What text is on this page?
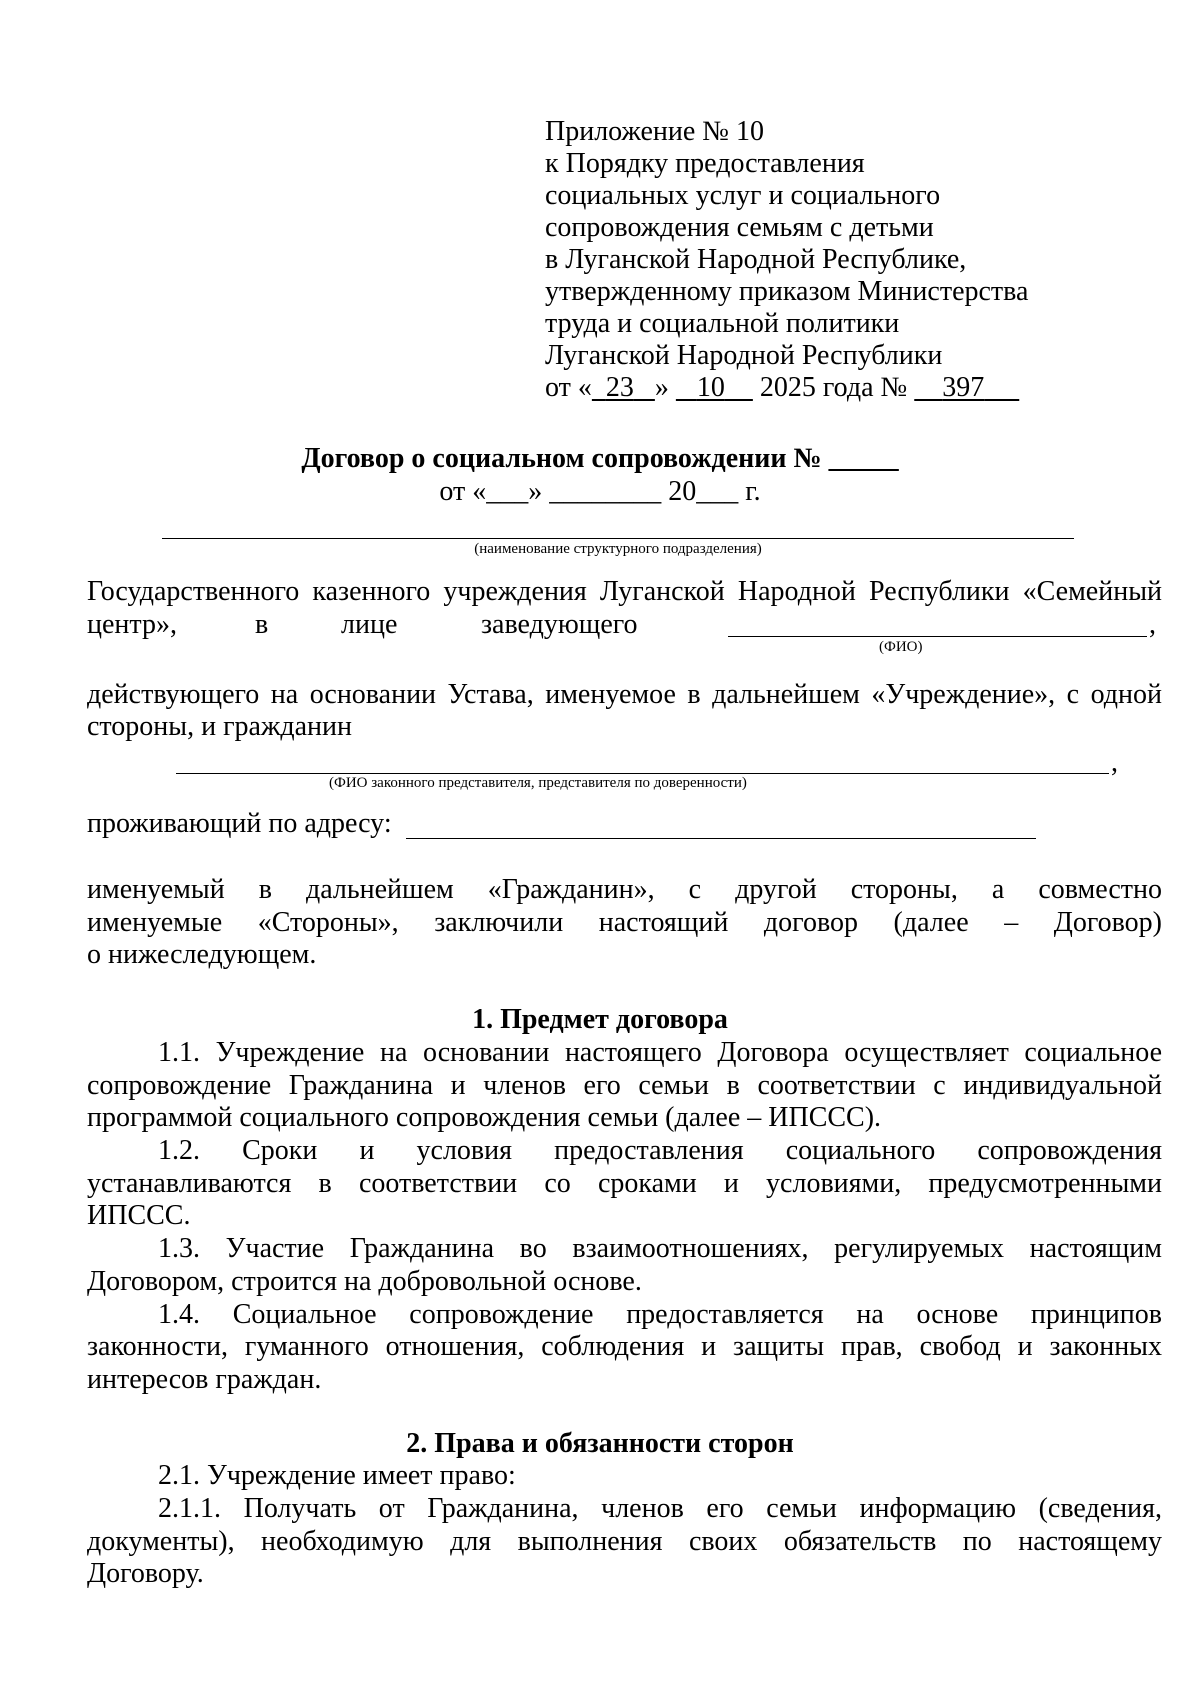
Приложение № 10
к Порядку предоставления
социальных услуг и социального
сопровождения семьям с детьми
в Луганской Народной Республике,
утвержденному приказом Министерства
труда и социальной политики
Луганской Народной Республики
от « 23 »    10     2025 года №     397
Договор о социальном сопровождении № _____
от «___» ________ 20___ г.
(наименование структурного подразделения)
Государственного казенного учреждения Луганской Народной Республики «Семейный
центр»,	в	лице	заведующего	,
(ФИО)
действующего на основании Устава, именуемое в дальнейшем «Учреждение», с одной
стороны, и гражданин
,
(ФИО законного представителя, представителя по доверенности)
проживающий по адресу:
именуемый в дальнейшем «Гражданин», с другой стороны, а совместно
именуемые «Стороны», заключили настоящий договор (далее – Договор)
о нижеследующем.
1. Предмет договора
1.1. Учреждение на основании настоящего Договора осуществляет социальное
сопровождение Гражданина и членов его семьи в соответствии с индивидуальной
программой социального сопровождения семьи (далее – ИПССС).
1.2. Сроки и условия предоставления социального сопровождения
устанавливаются в соответствии со сроками и условиями, предусмотренными
ИПССС.
1.3. Участие Гражданина во взаимоотношениях, регулируемых настоящим
Договором, строится на добровольной основе.
1.4. Социальное сопровождение предоставляется на основе принципов
законности, гуманного отношения, соблюдения и защиты прав, свобод и законных
интересов граждан.
2. Права и обязанности сторон
2.1. Учреждение имеет право:
2.1.1. Получать от Гражданина, членов его семьи информацию (сведения,
документы), необходимую для выполнения своих обязательств по настоящему
Договору.
